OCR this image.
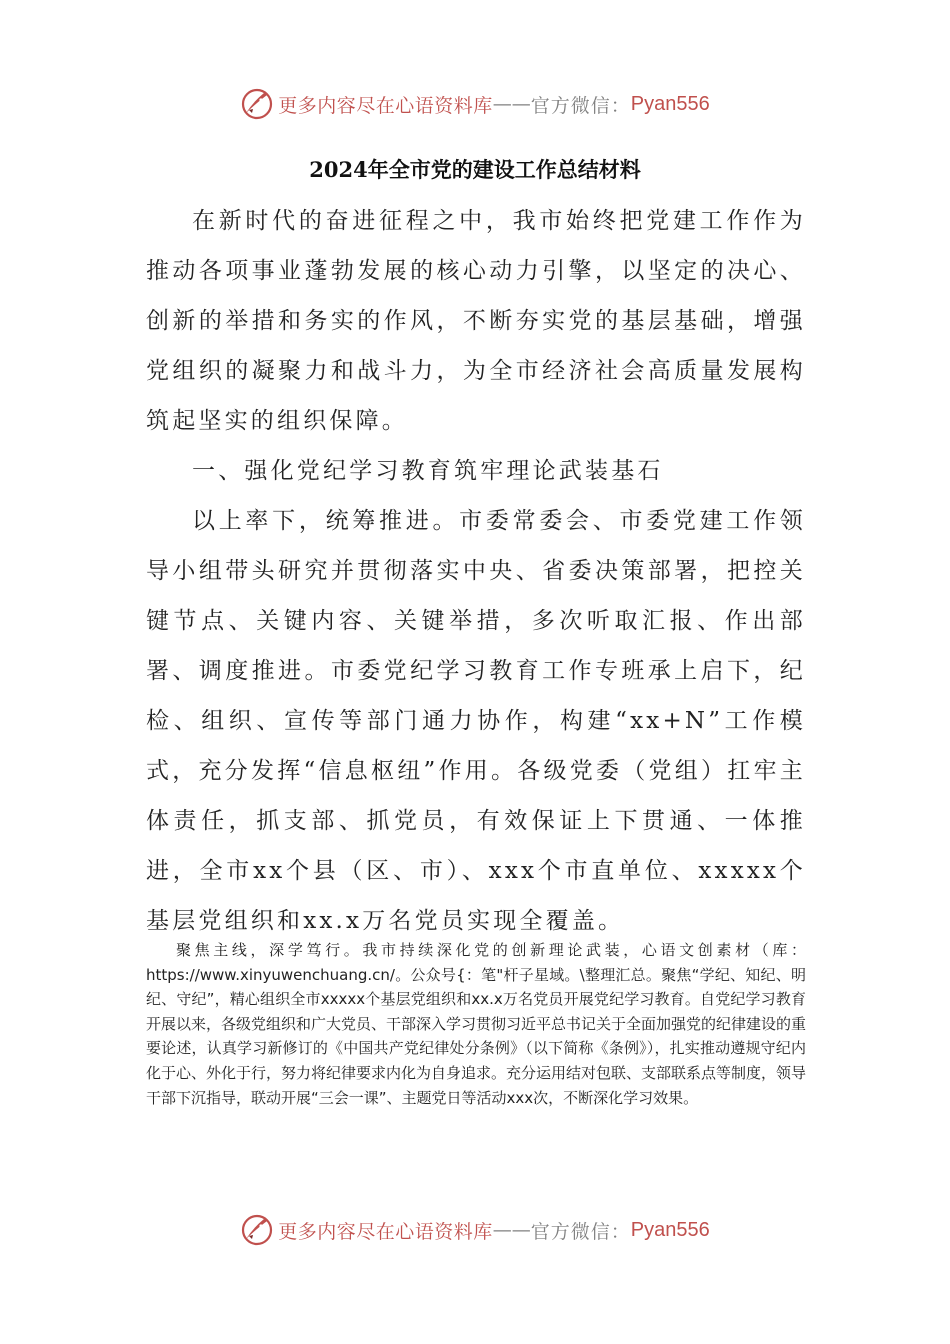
更多内容尽在心语资料库 —— 官方微信： Pyan556
2024年全市党的建设工作总结材料

在新时代的奋进征程之中，我市始终把党建工作作为推动各项事业蓬勃发展的核心动力引擎，以坚定的决心、创新的举措和务实的作风，不断夯实党的基层基础，增强党组织的凝聚力和战斗力，为全市经济社会高质量发展构筑起坚实的组织保障。

一、强化党纪学习教育筑牢理论武装基石

以上率下，统筹推进。市委常委会、市委党建工作领导小组带头研究并贯彻落实中央、省委决策部署，把控关键节点、关键内容、关键举措，多次听取汇报、作出部署、调度推进。市委党纪学习教育工作专班承上启下，纪检、组织、宣传等部门通力协作，构建“xx+N”工作模式，充分发挥“信息枢纽”作用。各级党委（党组）扛牢主体责任，抓支部、抓党员，有效保证上下贯通、一体推进，全市xx个县（区、市）、xxx个市直单位、xxxxx个基层党组织和xx.x万名党员实现全覆盖。

聚焦主线，深学笃行。我市持续深化党的创新理论武装，心语文创素材（库：https://www.xinyuwenchuang.cn/。公众号{：笔"杆子星域。\整理汇总。聚焦“学纪、知纪、明纪、守纪”，精心组织全市xxxxx个基层党组织和xx.x万名党员开展党纪学习教育。自党纪学习教育开展以来，各级党组织和广大党员、干部深入学习贯彻习近平总书记关于全面加强党的纪律建设的重要论述，认真学习新修订的《中国共产党纪律处分条例》（以下简称《条例》），扎实推动遵规守纪内化于心、外化于行，努力将纪律要求内化为自身追求。充分运用结对包联、支部联系点等制度，领导干部下沉指导，联动开展“三会一课”、主题党日等活动xxx次，不断深化学习效果。

更多内容尽在心语资料库 —— 官方微信： Pyan556
